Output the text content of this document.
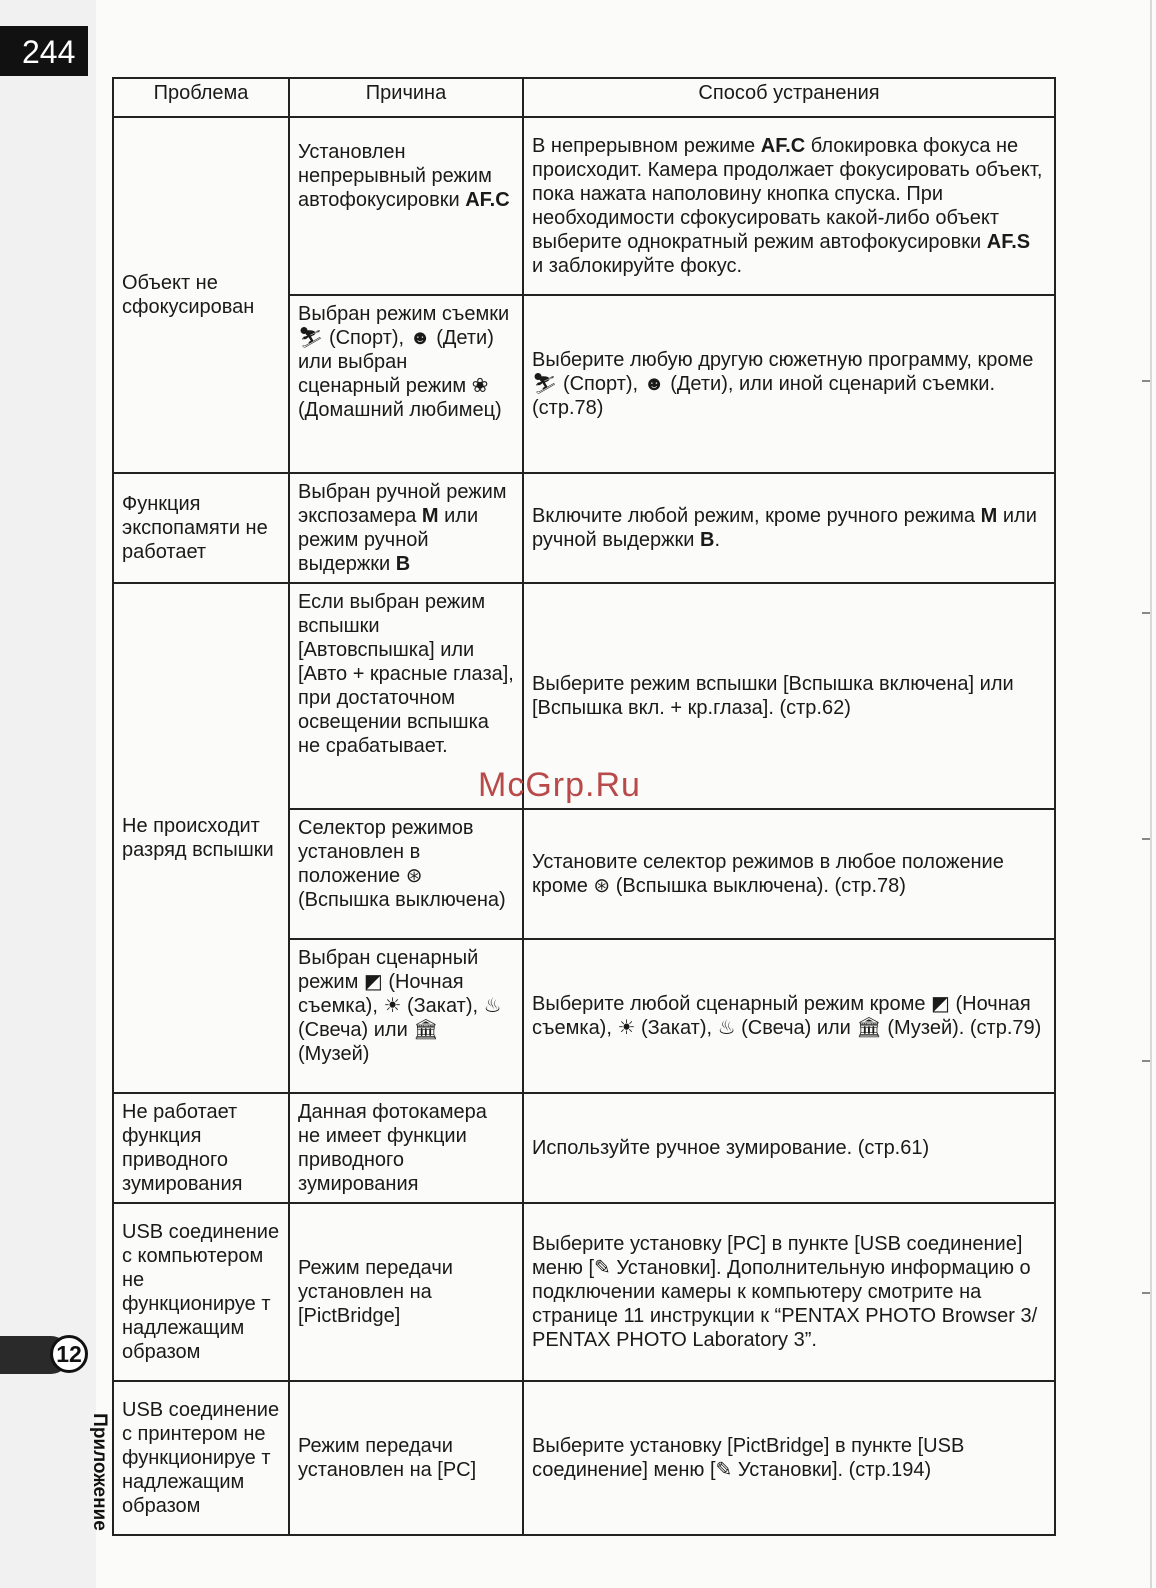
244
12
Приложение
Проблема	Причина	Способ устранения
Объект не сфокусирован	Установлен непрерывный режим автофокусировки AF.C	В непрерывном режиме AF.C блокировка фокуса не происходит. Камера продолжает фокусировать объект, пока нажата наполовину кнопка спуска. При необходимости сфокусировать какой-либо объект выберите однократный режим автофокусировки AF.S и заблокируйте фокус.
	Выбран режим съемки ⛷ (Спорт), ☻ (Дети) или выбран сценарный режим ❀ (Домашний любимец)	Выберите любую другую сюжетную программу, кроме ⛷ (Спорт), ☻ (Дети), или иной сценарий съемки. (стр.78)
Функция экспопамяти не работает	Выбран ручной режим экспозамера M или режим ручной выдержки B	Включите любой режим, кроме ручного режима M или ручной выдержки B.
Не происходит разряд вспышки	Если выбран режим вспышки [Автовспышка] или [Авто + красные глаза], при достаточном освещении вспышка не срабатывает.	Выберите режим вспышки [Вспышка включена] или [Вспышка вкл. + кр.глаза]. (стр.62)
	Селектор режимов установлен в положение ⊛ (Вспышка выключена)	Установите селектор режимов в любое положение кроме ⊛ (Вспышка выключена). (стр.78)
	Выбран сценарный режим ◩ (Ночная съемка), ☀ (Закат), ♨ (Свеча) или 🏛 (Музей)	Выберите любой сценарный режим кроме ◩ (Ночная съемка), ☀ (Закат), ♨ (Свеча) или 🏛 (Музей). (стр.79)
Не работает функция приводного зумирования	Данная фотокамера не имеет функции приводного зумирования	Используйте ручное зумирование. (стр.61)
USB соединение с компьютером не функционируе т надлежащим образом	Режим передачи установлен на [PictBridge]	Выберите установку [PC] в пункте [USB соединение] меню [✎ Установки]. Дополнительную информацию о подключении камеры к компьютеру смотрите на странице 11 инструкции к “PENTAX PHOTO Browser 3/ PENTAX PHOTO Laboratory 3”.
USB соединение с принтером не функционируе т надлежащим образом	Режим передачи установлен на [PC]	Выберите установку [PictBridge] в пункте [USB соединение] меню [✎ Установки]. (стр.194)
McGrp.Ru
